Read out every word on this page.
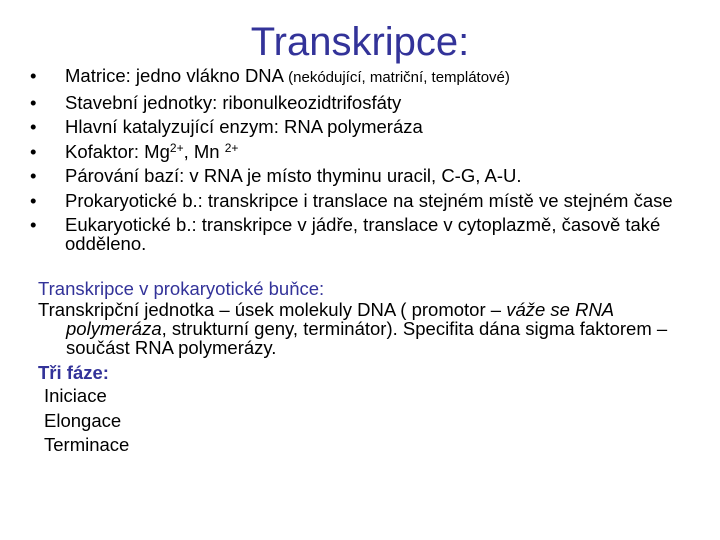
Transkripce:
• Matrice: jedno vlákno DNA (nekódující, matriční, templátové)
• Stavební jednotky: ribonulkeozidtrifosfáty
• Hlavní katalyzující enzym: RNA polymeráza
• Kofaktor: $Mg^{2+}$, Mn $^{2+}$
• Párování bazí: v RNA je místo thyminu uracil, C-G, A-U.
• Prokaryotické b.: transkripce i translace na stejném místě ve stejném čase
• Eukaryotické b.: transkripce v jádře, translace v cytoplazmě, časově také odděleno.
Transkripce v prokaryotické buňce:
Transkripční jednotka – úsek molekuly DNA ( promotor – váže se RNA polymeráza, strukturní geny, terminátor). Specifita dána sigma faktorem – součást RNA polymerázy.
Tři fáze:
Iniciace
Elongace
Terminace
